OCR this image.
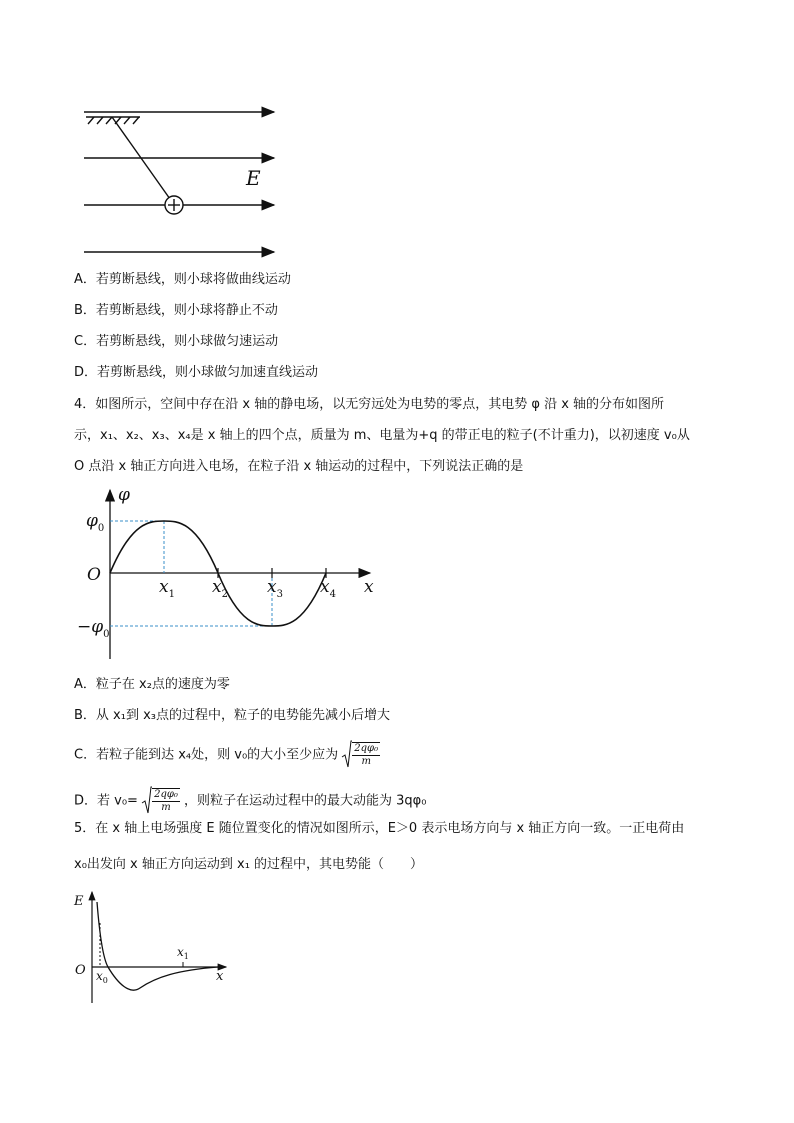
E
A．若剪断悬线，则小球将做曲线运动
B．若剪断悬线，则小球将静止不动
C．若剪断悬线，则小球做匀速运动
D．若剪断悬线，则小球做匀加速直线运动
4．如图所示，空间中存在沿 x 轴的静电场，以无穷远处为电势的零点，其电势 φ 沿 x 轴的分布如图所
示，x₁、x₂、x₃、x₄是 x 轴上的四个点，质量为 m、电量为+q 的带正电的粒子(不计重力)，以初速度 v₀从
O 点沿 x 轴正方向进入电场，在粒子沿 x 轴运动的过程中，下列说法正确的是
φ
x
O
$\varphi_0$
$-\varphi_0$
$x_1$ $x_2$ $x_3$ $x_4$
A．粒子在 x₂点的速度为零
B．从 x₁到 x₃点的过程中，粒子的电势能先减小后增大
C．若粒子能到达 x₄处，则 v₀的大小至少应为 $\frac{\text{2qφ₀}}{m}$
D．若 $v_0= \frac{\text{2qφ₀}}{m}$ ，则粒子在运动过程中的最大动能为 3qφ₀
5．在 x 轴上电场强度 E 随位置变化的情况如图所示，E＞0 表示电场方向与 x 轴正方向一致。一正电荷由
x₀出发向 x 轴正方向运动到 x₁ 的过程中，其电势能（　　）
E
x
O $x_0$
$x_1$
